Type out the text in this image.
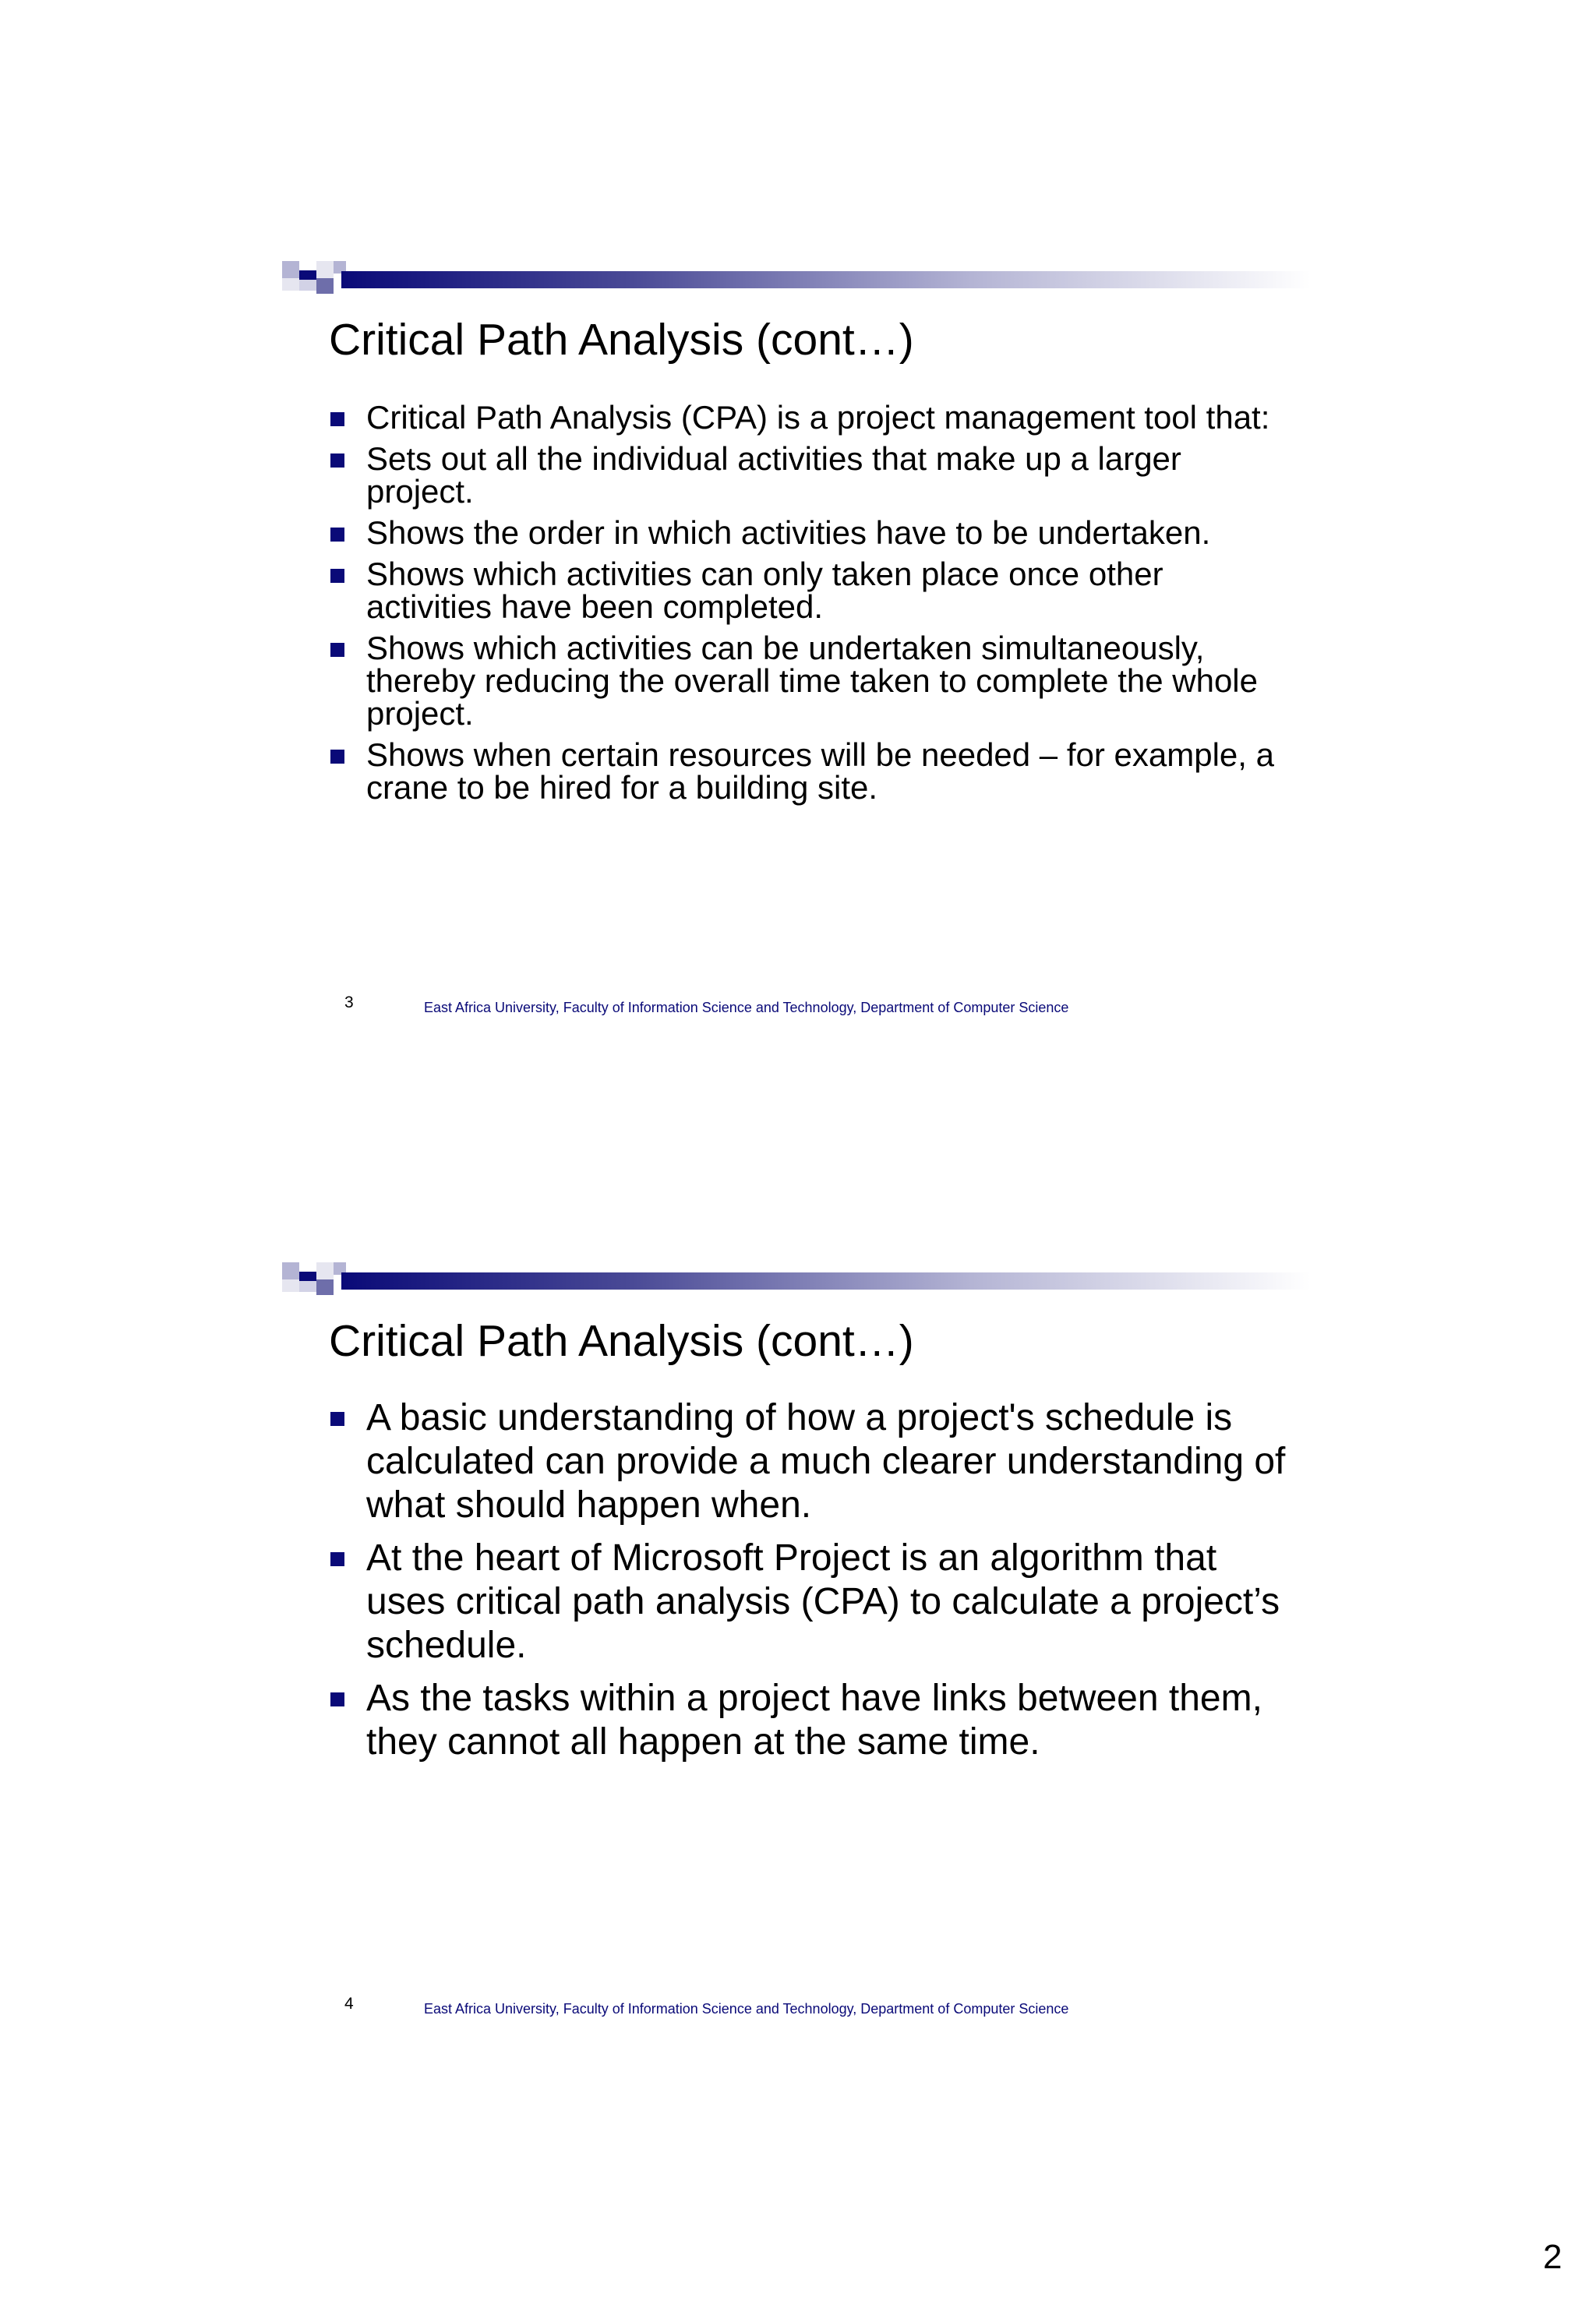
Critical Path Analysis (cont…)
Critical Path Analysis (CPA) is a project management tool that:
Sets out all the individual activities that make up a larger project.
Shows the order in which activities have to be undertaken.
Shows which activities can only taken place once other activities have been completed.
Shows which activities can be undertaken simultaneously, thereby reducing the overall time taken to complete the whole project.
Shows when certain resources will be needed – for example, a crane to be hired for a building site.
3	East Africa University, Faculty of Information Science and Technology, Department of Computer Science
Critical Path Analysis (cont…)
A basic understanding of how a project's schedule is calculated can provide a much clearer understanding of what should happen when.
At the heart of Microsoft Project is an algorithm that uses critical path analysis (CPA) to calculate a project’s schedule.
As the tasks within a project have links between them, they cannot all happen at the same time.
4	East Africa University, Faculty of Information Science and Technology, Department of Computer Science
2
